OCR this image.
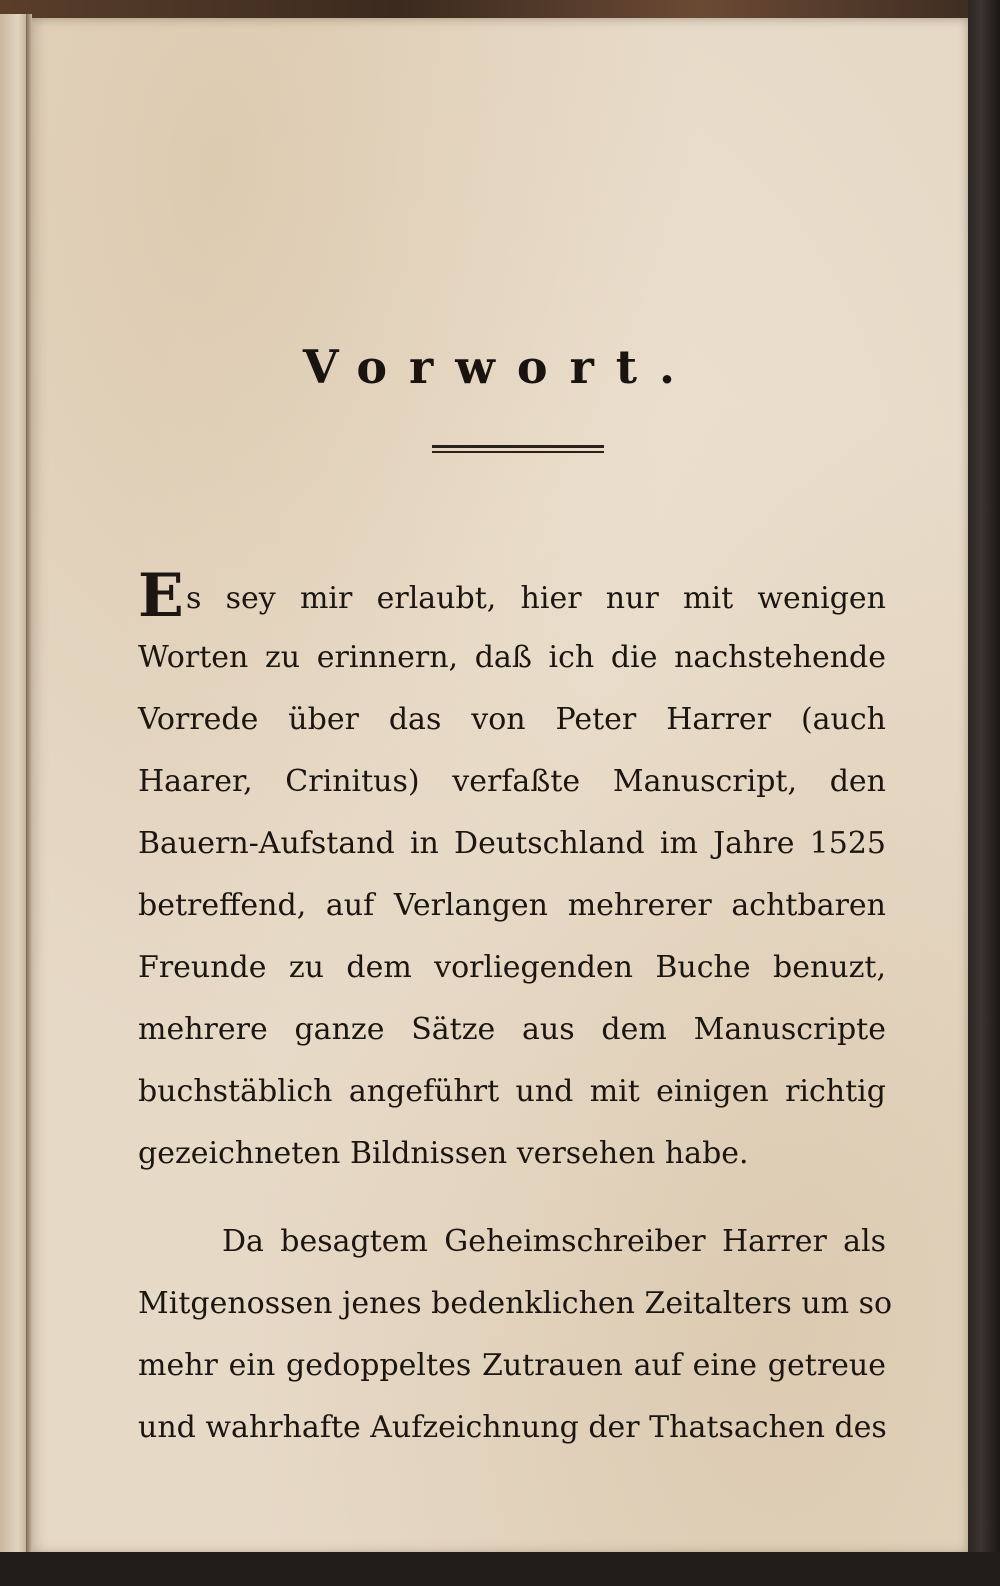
Vorwort.
Es sey mir erlaubt, hier nur mit wenigen
Worten zu erinnern, daß ich die nachstehende
Vorrede über das von Peter Harrer (auch
Haarer, Crinitus) verfaßte Manuscript, den
Bauern-Aufstand in Deutschland im Jahre 1525
betreffend, auf Verlangen mehrerer achtbaren
Freunde zu dem vorliegenden Buche benuzt,
mehrere ganze Sätze aus dem Manuscripte
buchstäblich angeführt und mit einigen richtig
gezeichneten Bildnissen versehen habe.
Da besagtem Geheimschreiber Harrer als
Mitgenossen jenes bedenklichen Zeitalters um so
mehr ein gedoppeltes Zutrauen auf eine getreue
und wahrhafte Aufzeichnung der Thatsachen des
